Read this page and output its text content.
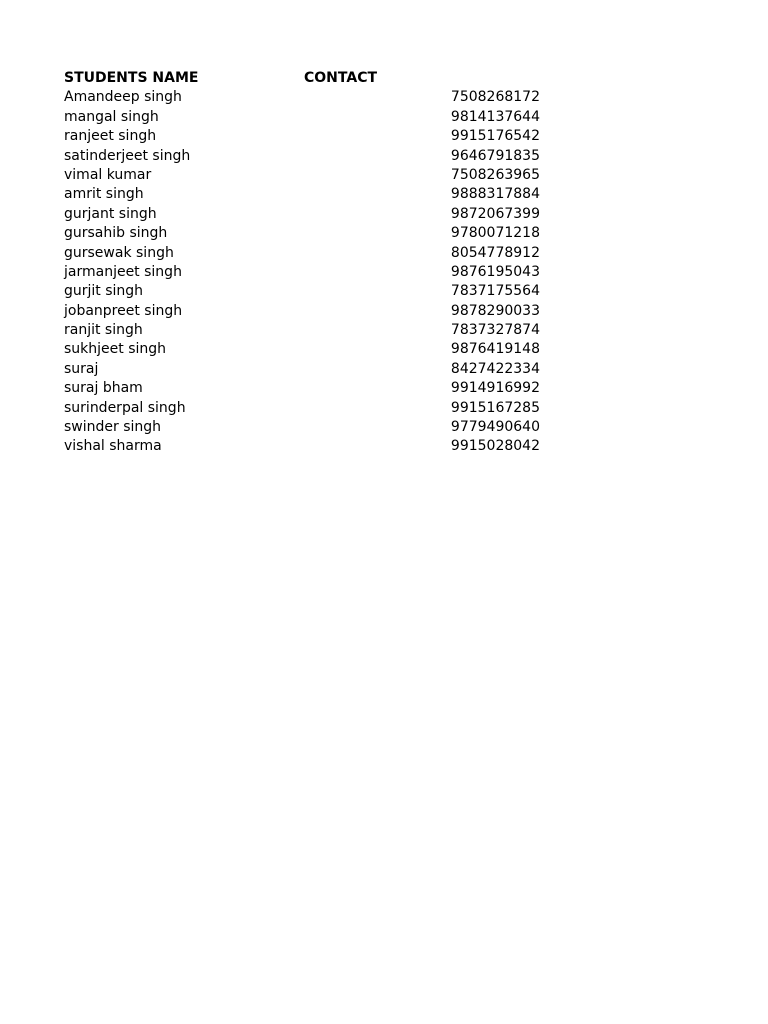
STUDENTS NAME	CONTACT
Amandeep singh	7508268172
mangal singh	9814137644
ranjeet singh	9915176542
satinderjeet singh	9646791835
vimal kumar	7508263965
amrit singh	9888317884
gurjant singh	9872067399
gursahib singh	9780071218
gursewak singh	8054778912
jarmanjeet singh	9876195043
gurjit singh	7837175564
jobanpreet singh	9878290033
ranjit singh	7837327874
sukhjeet singh	9876419148
suraj	8427422334
suraj bham	9914916992
surinderpal singh	9915167285
swinder singh	9779490640
vishal sharma	9915028042
